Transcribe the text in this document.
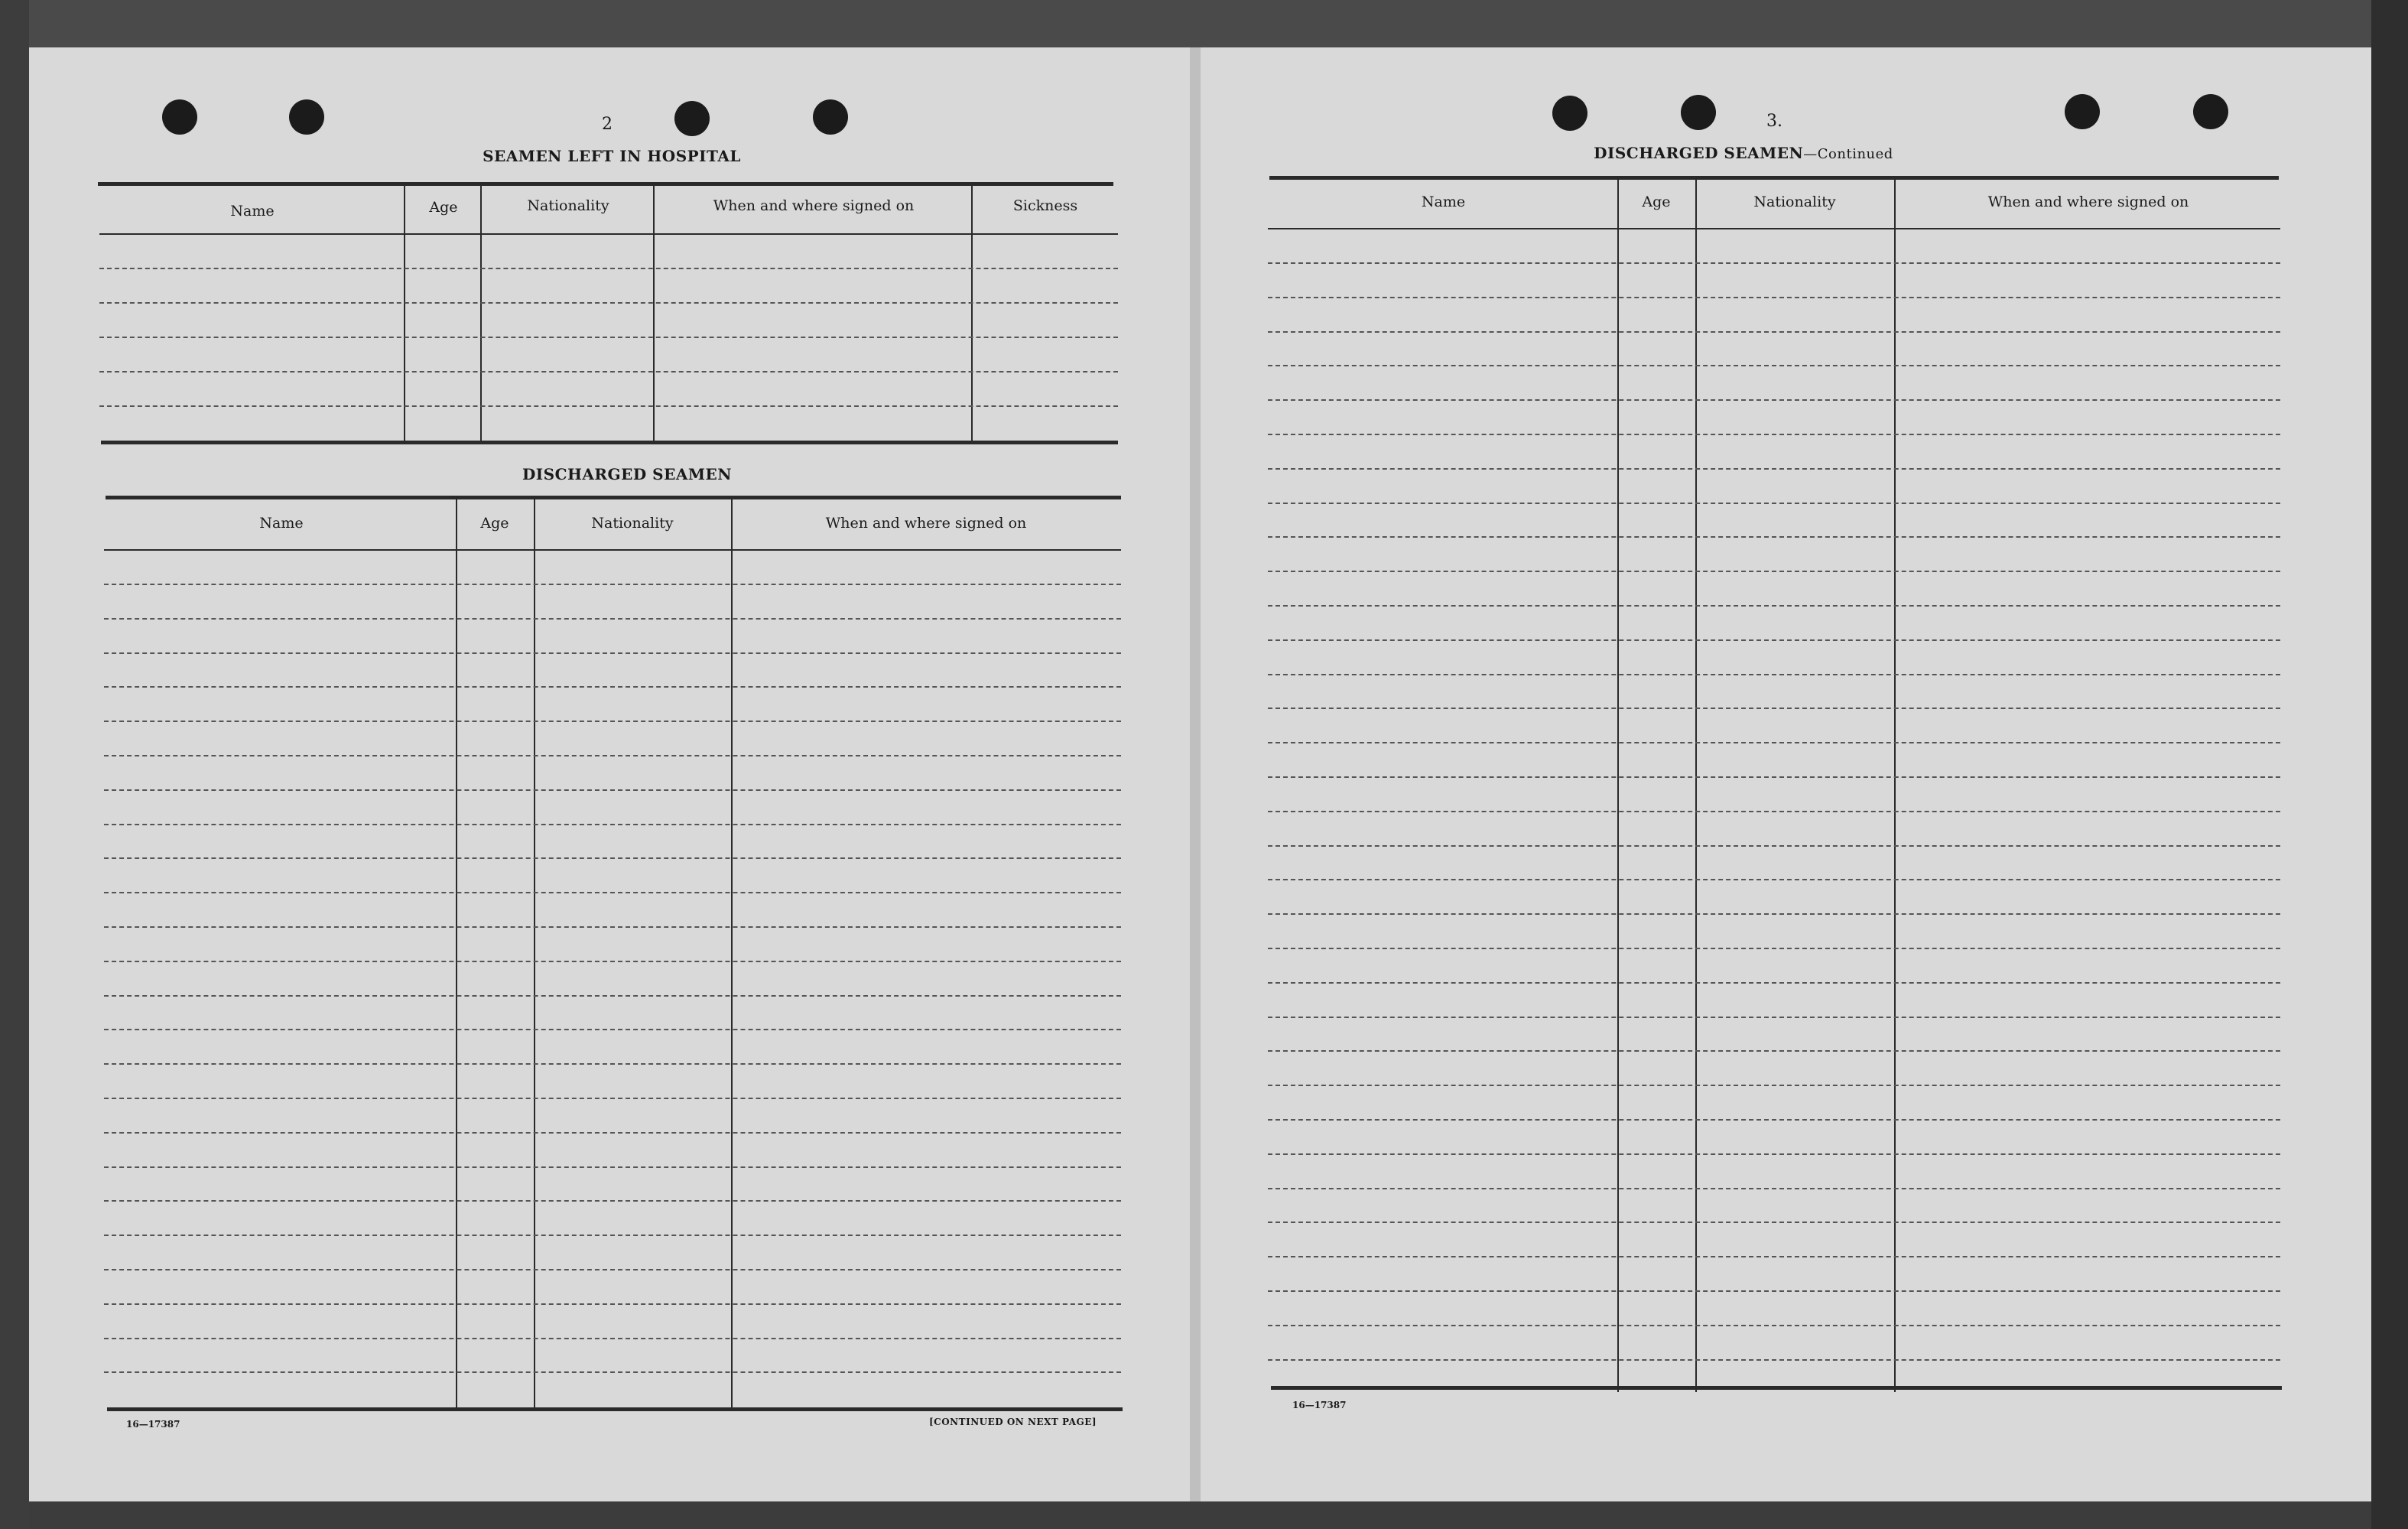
2
SEAMEN LEFT IN HOSPITAL
Name	Age	Nationality	When and where signed on	Sickness
DISCHARGED SEAMEN
Name	Age	Nationality	When and where signed on
16—17387	[CONTINUED ON NEXT PAGE]
3.
DISCHARGED SEAMEN—Continued
Name	Age	Nationality	When and where signed on
16—17387
